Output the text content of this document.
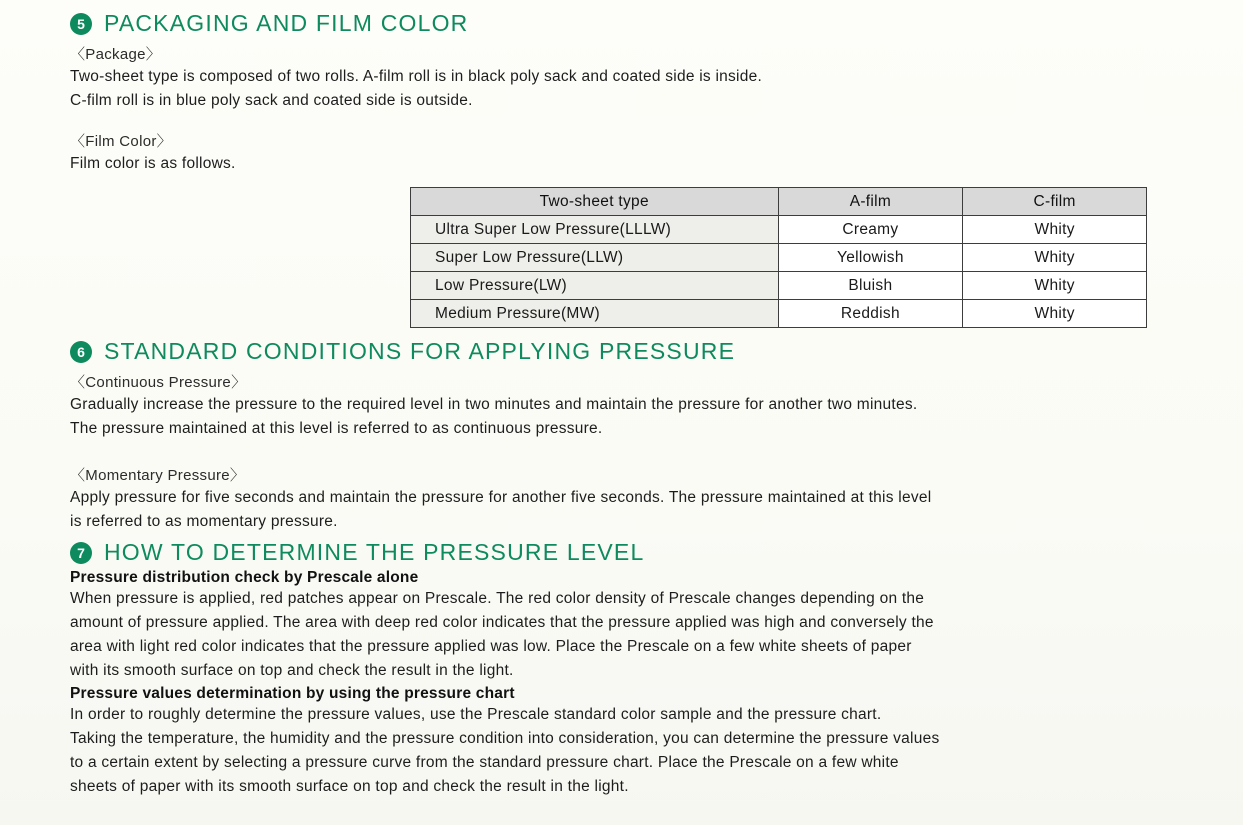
5 PACKAGING AND FILM COLOR
〈Package〉

Two-sheet type is composed of two rolls. A-film roll is in black poly sack and coated side is inside.

C-film roll is in blue poly sack and coated side is outside.

〈Film Color〉

Film color is as follows.

Two-sheet type	A-film	C-film
Ultra Super Low Pressure(LLLW)	Creamy	Whity
Super Low Pressure(LLW)	Yellowish	Whity
Low Pressure(LW)	Bluish	Whity
Medium Pressure(MW)	Reddish	Whity
6 STANDARD CONDITIONS FOR APPLYING PRESSURE
〈Continuous Pressure〉

Gradually increase the pressure to the required level in two minutes and maintain the pressure for another two minutes.

The pressure maintained at this level is referred to as continuous pressure.

〈Momentary Pressure〉

Apply pressure for five seconds and maintain the pressure for another five seconds. The pressure maintained at this level

is referred to as momentary pressure.

7 HOW TO DETERMINE THE PRESSURE LEVEL
Pressure distribution check by Prescale alone

When pressure is applied, red patches appear on Prescale. The red color density of Prescale changes depending on the

amount of pressure applied. The area with deep red color indicates that the pressure applied was high and conversely the

area with light red color indicates that the pressure applied was low. Place the Prescale on a few white sheets of paper

with its smooth surface on top and check the result in the light.

Pressure values determination by using the pressure chart

In order to roughly determine the pressure values, use the Prescale standard color sample and the pressure chart.

Taking the temperature, the humidity and the pressure condition into consideration, you can determine the pressure values

to a certain extent by selecting a pressure curve from the standard pressure chart. Place the Prescale on a few white

sheets of paper with its smooth surface on top and check the result in the light.
